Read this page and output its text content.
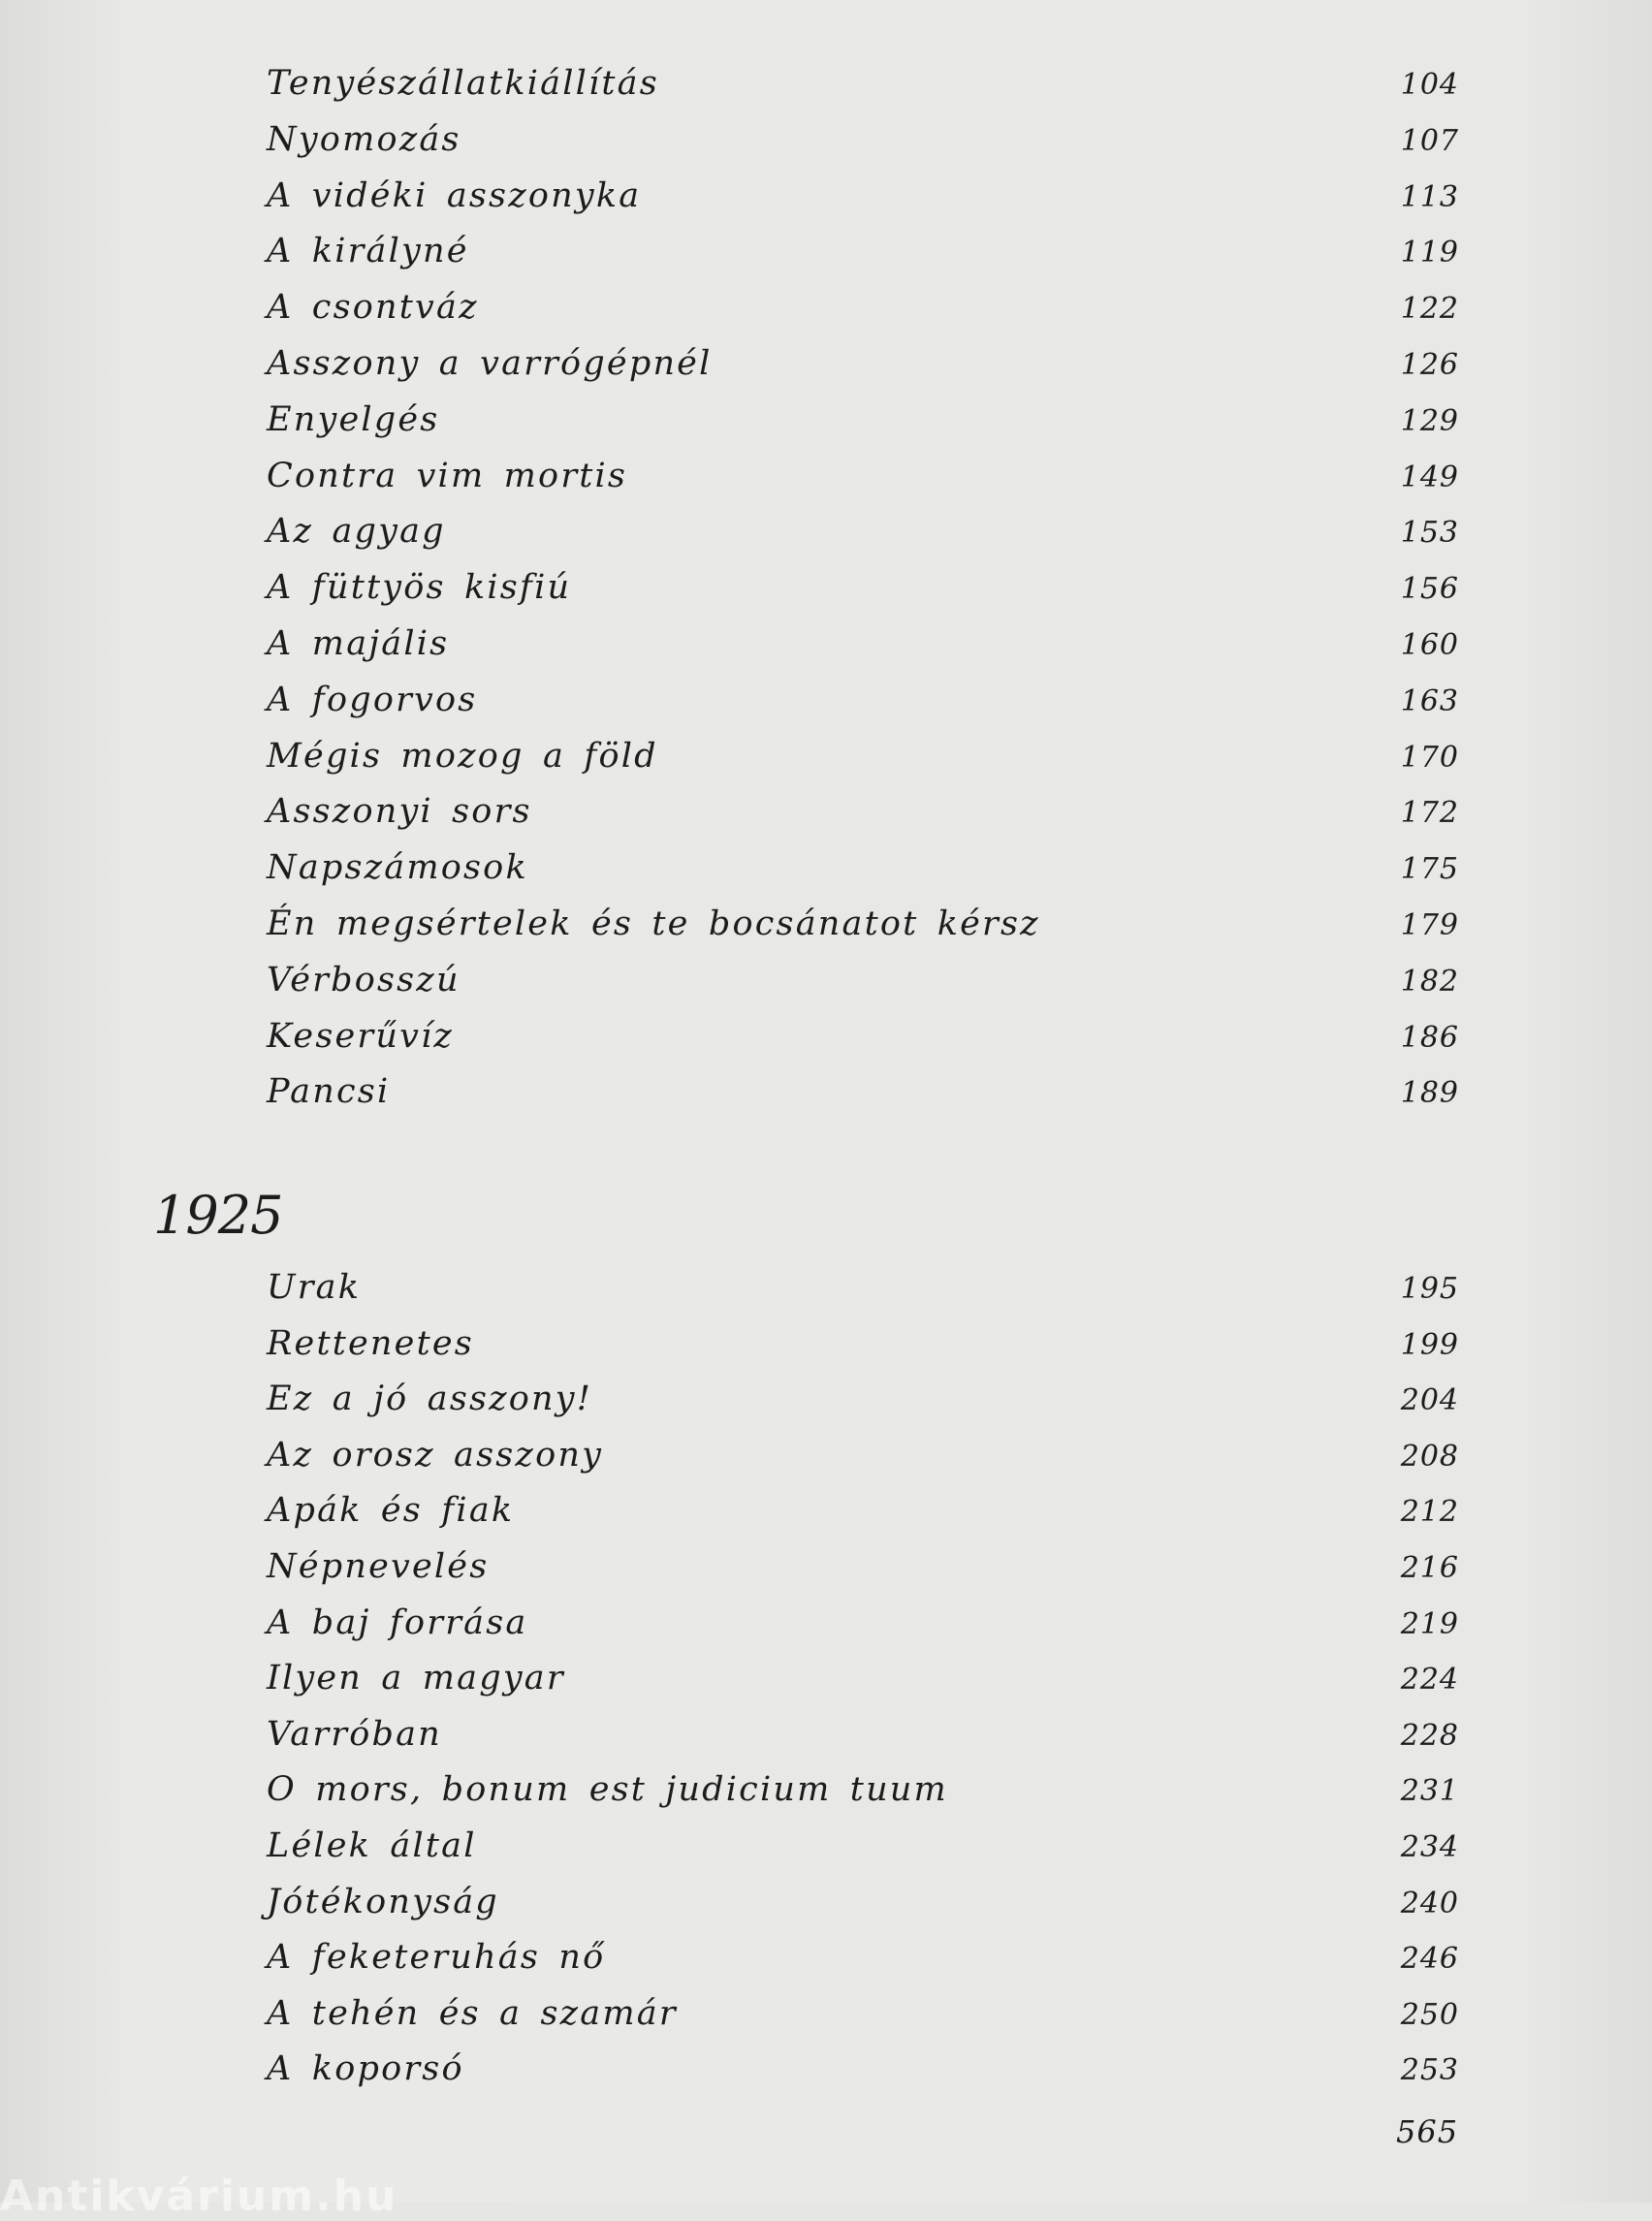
Tenyészállatkiállítás	104
Nyomozás	107
A vidéki asszonyka	113
A királyné	119
A csontváz	122
Asszony a varrógépnél	126
Enyelgés	129
Contra vim mortis	149
Az agyag	153
A füttyös kisfiú	156
A majális	160
A fogorvos	163
Mégis mozog a föld	170
Asszonyi sors	172
Napszámosok	175
Én megsértelek és te bocsánatot kérsz	179
Vérbosszú	182
Keserűvíz	186
Pancsi	189
1925
Urak	195
Rettenetes	199
Ez a jó asszony!	204
Az orosz asszony	208
Apák és fiak	212
Népnevelés	216
A baj forrása	219
Ilyen a magyar	224
Varróban	228
O mors, bonum est judicium tuum	231
Lélek által	234
Jótékonyság	240
A feketeruhás nő	246
A tehén és a szamár	250
A koporsó	253
565
Antikvárium.hu
